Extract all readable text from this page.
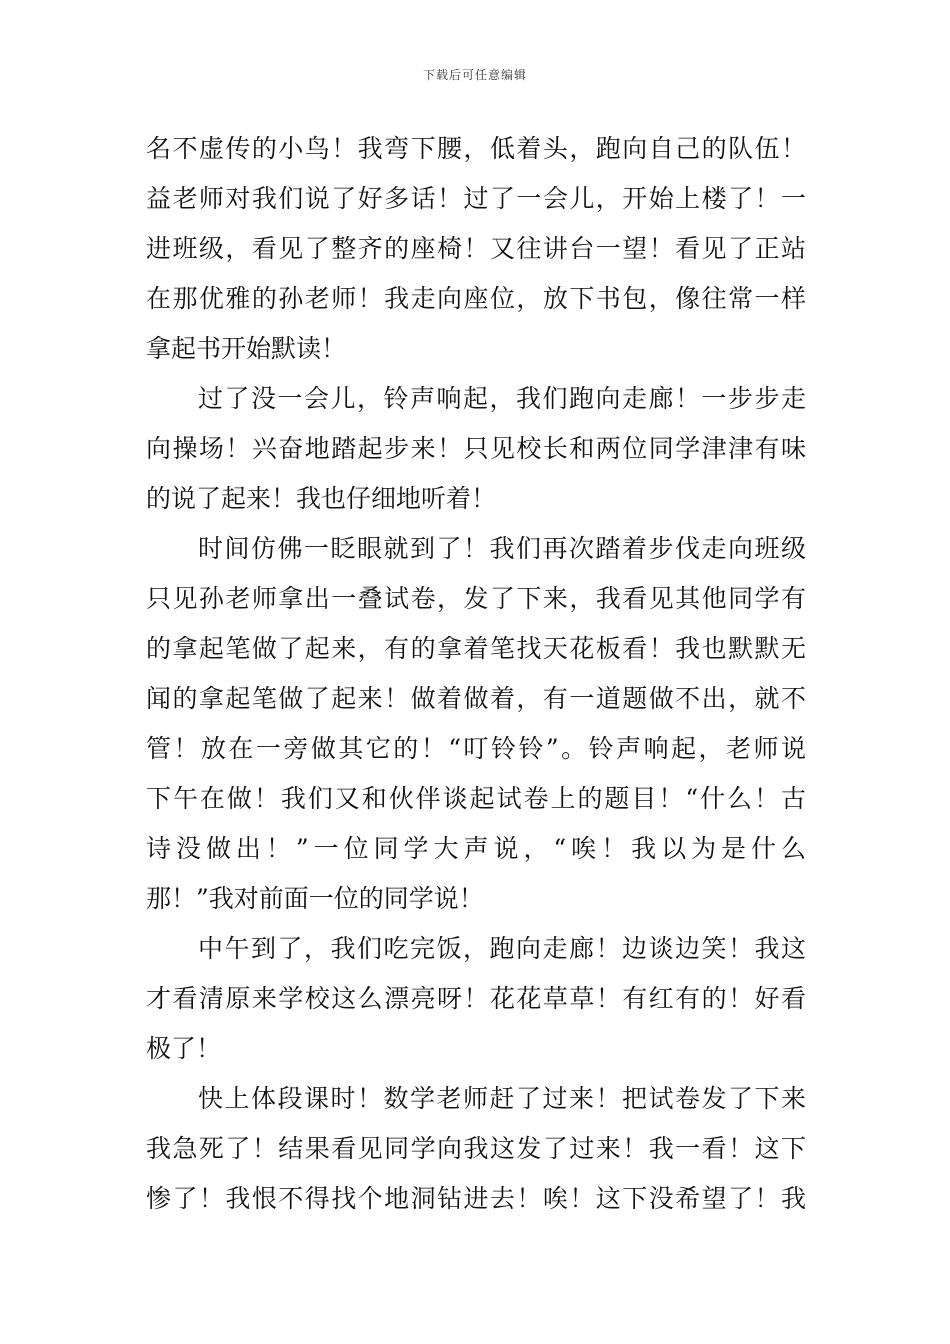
下载后可任意编辑
名不虚传的小鸟！我弯下腰，低着头，跑向自己的队伍！
益老师对我们说了好多话！过了一会儿，开始上楼了！一
进班级，看见了整齐的座椅！又往讲台一望！看见了正站
在那优雅的孙老师！我走向座位，放下书包，像往常一样
拿起书开始默读！
过了没一会儿，铃声响起，我们跑向走廊！一步步走
向操场！兴奋地踏起步来！只见校长和两位同学津津有味
的说了起来！我也仔细地听着！
时间仿佛一眨眼就到了！我们再次踏着步伐走向班级
只见孙老师拿出一叠试卷，发了下来，我看见其他同学有
的拿起笔做了起来，有的拿着笔找天花板看！我也默默无
闻的拿起笔做了起来！做着做着，有一道题做不出，就不
管！放在一旁做其它的！“叮铃铃”。铃声响起，老师说
下午在做！我们又和伙伴谈起试卷上的题目！“什么！古
诗没做出！”一位同学大声说，“唉！我以为是什么
那！”我对前面一位的同学说！
中午到了，我们吃完饭，跑向走廊！边谈边笑！我这
才看清原来学校这么漂亮呀！花花草草！有红有的！好看
极了！
快上体段课时！数学老师赶了过来！把试卷发了下来
我急死了！结果看见同学向我这发了过来！我一看！这下
惨了！我恨不得找个地洞钻进去！唉！这下没希望了！我
